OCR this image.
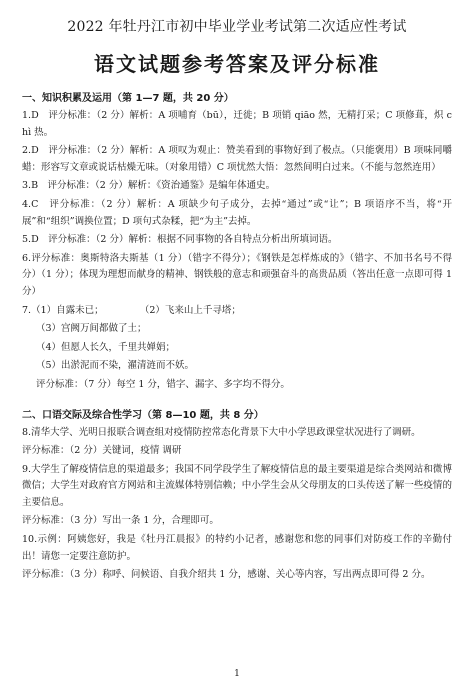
2022 年牡丹江市初中毕业学业考试第二次适应性考试
语文试题参考答案及评分标准
一、知识积累及运用（第 1—7 题，共 20 分）

1.D　评分标准：（2 分）解析：A 项哺育（bū），迁徙；B 项销 qiāo 然，无精打采；C 项修葺，炽 chì 热。

2.D　评分标准：（2 分）解析：A 项叹为观止：赞美看到的事物好到了极点。（只能褒用）B 项味同嚼蜡：形容写文章或说话枯燥无味。（对象用错）C 项忧然大悟：忽然间明白过来。（不能与忽然连用）

3.B　评分标准：（2 分）解析：《资治通鉴》是编年体通史。

4.C　评分标准：（2 分）解析：A 项缺少句子成分，去掉“通过”或“让”；B 项语序不当，将“开展”和“组织”调换位置；D 项句式杂糅，把“为主”去掉。

5.D　评分标准：（2 分）解析：根据不同事物的各自特点分析出所填词语。

6.评分标准：奥斯特洛夫斯基（1 分）（错字不得分）；《钢铁是怎样炼成的》（错字、不加书名号不得分）（1 分）；体现为理想而献身的精神、钢铁般的意志和顽强奋斗的高贵品质（答出任意一点即可得 1 分）

7.（1）自露未已；　　　　	（2）飞来山上千寻塔；

（3）宫阙万间都做了土；

（4）但愿人长久，千里共婵娟；

（5）出淤泥而不染，濯清涟而不妖。

评分标准：（7 分）每空 1 分，错字、漏字、多字均不得分。

二、口语交际及综合性学习（第 8—10 题，共 8 分）

8.清华大学、光明日报联合调查组对疫情防控常态化背景下大中小学思政课堂状况进行了调研。

评分标准：（2 分）关键词，疫情 调研

9.大学生了解疫情信息的渠道最多；我国不同学段学生了解疫情信息的最主要渠道是综合类网站和微博微信；大学生对政府官方网站和主流媒体特别信赖；中小学生会从父母朋友的口头传送了解一些疫情的主要信息。

评分标准：（3 分）写出一条 1 分，合理即可。

10.示例：阿姨您好，我是《牡丹江晨报》的特约小记者，感谢您和您的同事们对防疫工作的辛勤付出！请您一定要注意防护。

评分标准：（3 分）称呼、问候语、自我介绍共 1 分，感谢、关心等内容，写出两点即可得 2 分。

1
